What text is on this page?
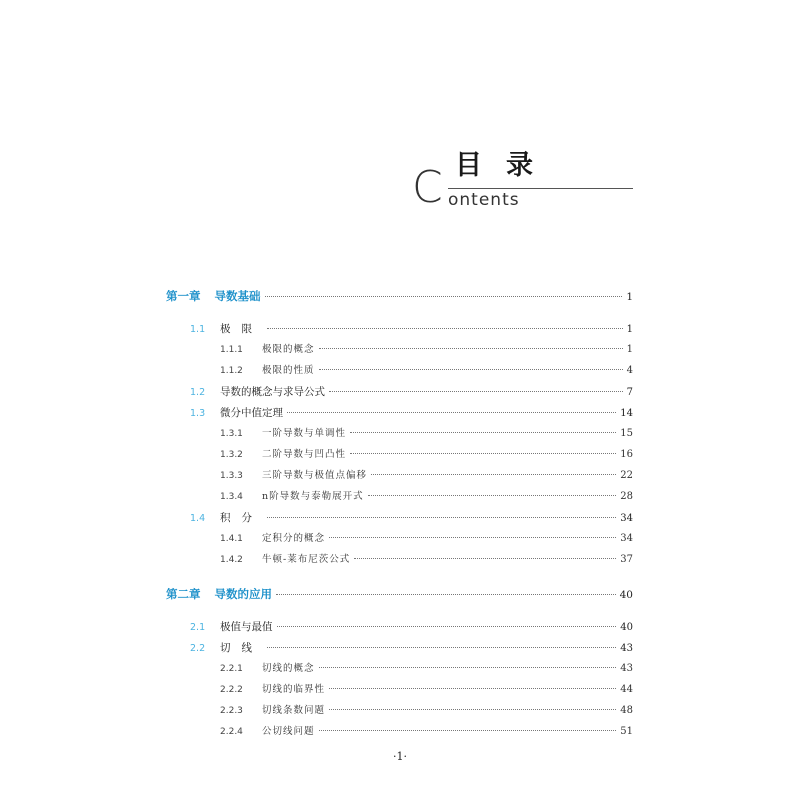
目录
C ontents
第一章 导数基础	1
1.1	极限	1
1.1.1	极限的概念	1
1.1.2	极限的性质	4
1.2	导数的概念与求导公式	7
1.3	微分中值定理	14
1.3.1	一阶导数与单调性	15
1.3.2	二阶导数与凹凸性	16
1.3.3	三阶导数与极值点偏移	22
1.3.4	n阶导数与泰勒展开式	28
1.4	积分	34
1.4.1	定积分的概念	34
1.4.2	牛顿-莱布尼茨公式	37
第二章 导数的应用	40
2.1	极值与最值	40
2.2	切线	43
2.2.1	切线的概念	43
2.2.2	切线的临界性	44
2.2.3	切线条数问题	48
2.2.4	公切线问题	51
·1·
